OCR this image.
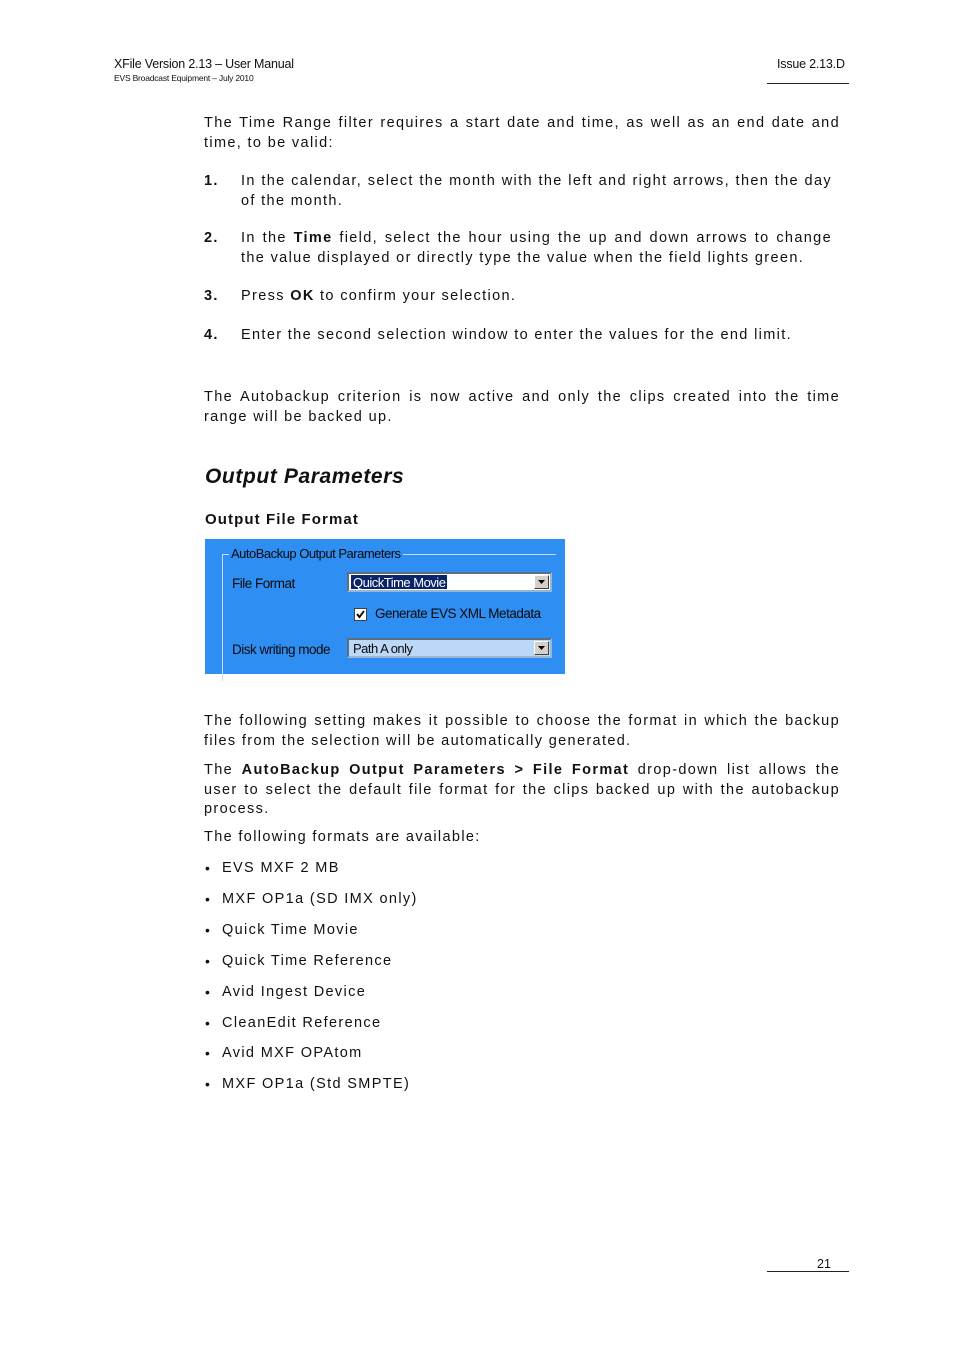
XFile Version 2.13 – User Manual
EVS Broadcast Equipment – July 2010
Issue 2.13.D
The Time Range filter requires a start date and time, as well as an end date and time, to be valid:
1. In the calendar, select the month with the left and right arrows, then the day of the month.
2. In the Time field, select the hour using the up and down arrows to change the value displayed or directly type the value when the field lights green.
3. Press OK to confirm your selection.
4. Enter the second selection window to enter the values for the end limit.
The Autobackup criterion is now active and only the clips created into the time range will be backed up.
Output Parameters
Output File Format
AutoBackup Output Parameters
File Format	QuickTime Movie
Generate EVS XML Metadata
Disk writing mode Path A only
The following setting makes it possible to choose the format in which the backup files from the selection will be automatically generated.
The AutoBackup Output Parameters > File Format drop-down list allows the user to select the default file format for the clips backed up with the autobackup process.
The following formats are available:
• EVS MXF 2 MB
• MXF OP1a (SD IMX only)
• Quick Time Movie
• Quick Time Reference
• Avid Ingest Device
• CleanEdit Reference
• Avid MXF OPAtom
• MXF OP1a (Std SMPTE)
21
